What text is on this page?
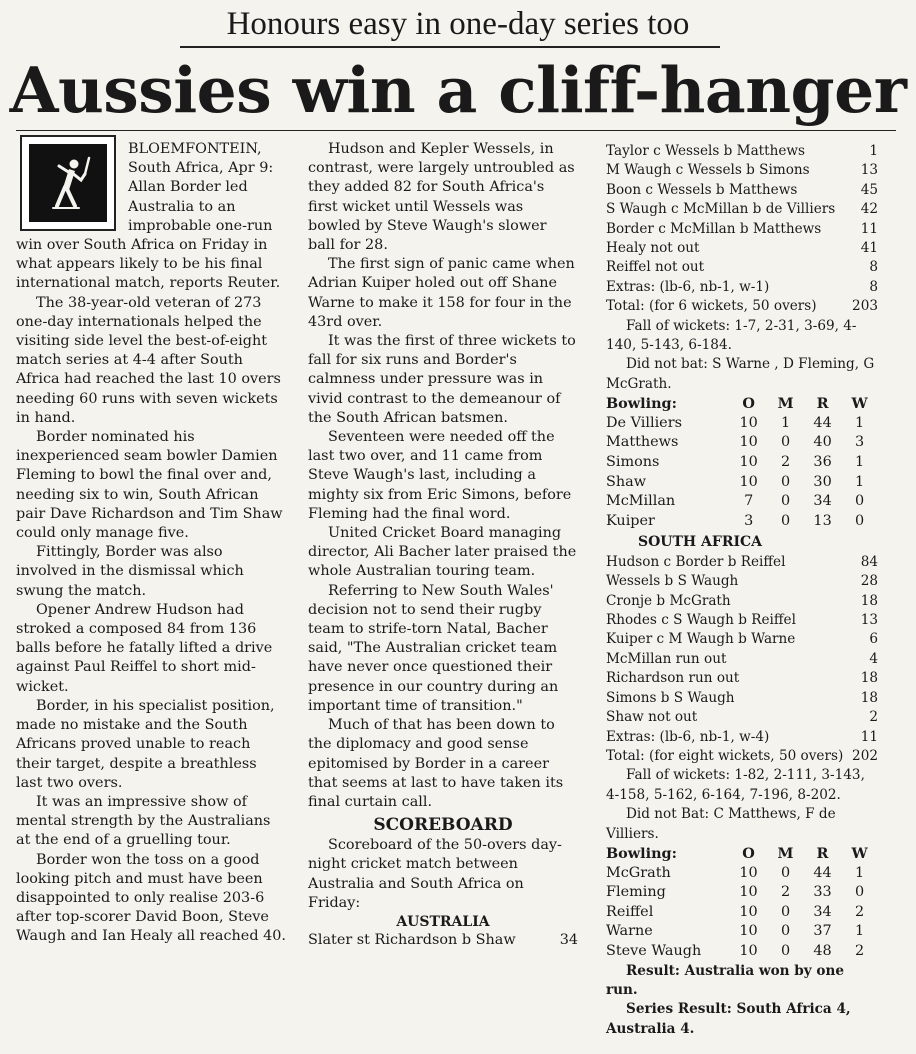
Honours easy in one-day series too
Aussies win a cliff-hanger

BLOEMFONTEIN, South Africa, Apr 9: Allan Border led Australia to an improbable one-run win over South Africa on Friday in what appears likely to be his final international match, reports Reuter.

The 38-year-old veteran of 273 one-day internationals helped the visiting side level the best-of-eight match series at 4-4 after South Africa had reached the last 10 overs needing 60 runs with seven wickets in hand.

Border nominated his inexperienced seam bowler Damien Fleming to bowl the final over and, needing six to win, South African pair Dave Richardson and Tim Shaw could only manage five.

Fittingly, Border was also involved in the dismissal which swung the match.

Opener Andrew Hudson had stroked a composed 84 from 136 balls before he fatally lifted a drive against Paul Reiffel to short mid-wicket.

Border, in his specialist position, made no mistake and the South Africans proved unable to reach their target, despite a breathless last two overs.

It was an impressive show of mental strength by the Australians at the end of a gruelling tour.

Border won the toss on a good looking pitch and must have been disappointed to only realise 203-6 after top-scorer David Boon, Steve Waugh and Ian Healy all reached 40.

Hudson and Kepler Wessels, in contrast, were largely untroubled as they added 82 for South Africa's first wicket until Wessels was bowled by Steve Waugh's slower ball for 28.

The first sign of panic came when Adrian Kuiper holed out off Shane Warne to make it 158 for four in the 43rd over.

It was the first of three wickets to fall for six runs and Border's calmness under pressure was in vivid contrast to the demeanour of the South African batsmen.

Seventeen were needed off the last two over, and 11 came from Steve Waugh's last, including a mighty six from Eric Simons, before Fleming had the final word.

United Cricket Board managing director, Ali Bacher later praised the whole Australian touring team.

Referring to New South Wales' decision not to send their rugby team to strife-torn Natal, Bacher said, "The Australian cricket team have never once questioned their presence in our country during an important time of transition."

Much of that has been down to the diplomacy and good sense epitomised by Border in a career that seems at last to have taken its final curtain call.

SCOREBOARD

Scoreboard of the 50-overs day-night cricket match between Australia and South Africa on Friday:

AUSTRALIA
Slater st Richardson b Shaw	34
Taylor c Wessels b Matthews	1
M Waugh c Wessels b Simons	13
Boon c Wessels b Matthews	45
S Waugh c McMillan b de Villiers 42
Border c McMillan b Matthews	11
Healy not out	41
Reiffel not out	8
Extras: (lb-6, nb-1, w-1)	8
Total: (for 6 wickets, 50 overs)	203

Fall of wickets: 1-7, 2-31, 3-69, 4-140, 5-143, 6-184.

Did not bat: S Warne , D Fleming, G McGrath.

Bowling:	O	M	R	W
De Villiers	10	1	44	1
Matthews	10	0	40	3
Simons	10	2	36	1
Shaw	10	0	30	1
McMillan	7	0	34	0
Kuiper	3	0	13	0
SOUTH AFRICA
Hudson c Border b Reiffel	84
Wessels b S Waugh	28
Cronje b McGrath	18
Rhodes c S Waugh b Reiffel	13
Kuiper c M Waugh b Warne	6
McMillan run out	4
Richardson run out	18
Simons b S Waugh	18
Shaw not out	2
Extras: (lb-6, nb-1, w-4)	11
Total: (for eight wickets, 50 overs) 202

Fall of wickets: 1-82, 2-111, 3-143, 4-158, 5-162, 6-164, 7-196, 8-202.

Did not Bat: C Matthews, F de Villiers.

Bowling:	O	M	R	W
McGrath	10	0	44	1
Fleming	10	2	33	0
Reiffel	10	0	34	2
Warne	10	0	37	1
Steve Waugh	10	0	48	2

Result: Australia won by one run.

Series Result: South Africa 4, Australia 4.
